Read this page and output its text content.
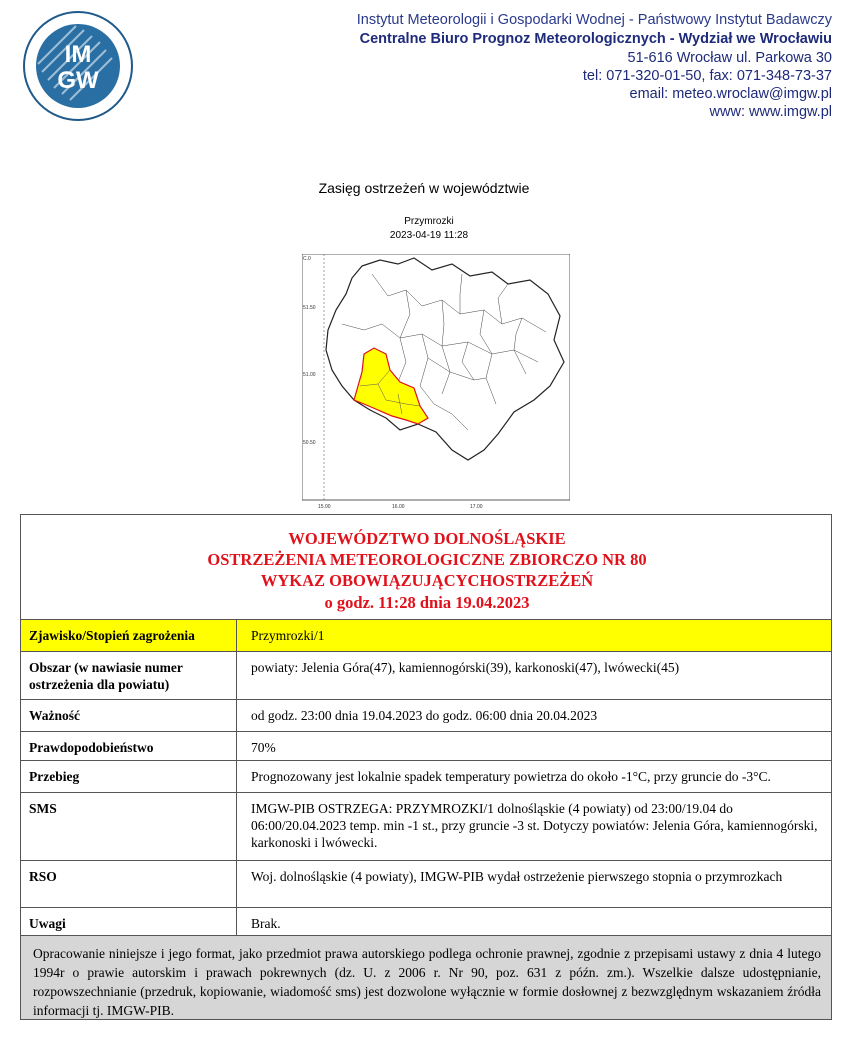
IM
GW
Instytut Meteorologii i Gospodarki Wodnej - Państwowy Instytut Badawczy
Centralne Biuro Prognoz Meteorologicznych - Wydział we Wrocławiu
51-616 Wrocław ul. Parkowa 30
tel: 071-320-01-50, fax: 071-348-73-37
email: meteo.wroclaw@imgw.pl
www: www.imgw.pl
Zasięg ostrzeżeń w województwie
Przymrozki
2023-04-19 11:28
C.0
51.50
51.00
50.50
15.00	16.00	17.00
WOJEWÓDZTWO DOLNOŚLĄSKIE
OSTRZEŻENIA METEOROLOGICZNE ZBIORCZO NR 80
WYKAZ OBOWIĄZUJĄCYCHOSTRZEŻEŃ
o godz. 11:28 dnia 19.04.2023
Zjawisko/Stopień zagrożenia	Przymrozki/1
Obszar (w nawiasie numer ostrzeżenia dla powiatu)	powiaty: Jelenia Góra(47), kamiennogórski(39), karkonoski(47), lwówecki(45)
Ważność	od godz. 23:00 dnia 19.04.2023 do godz. 06:00 dnia 20.04.2023
Prawdopodobieństwo	70%
Przebieg	Prognozowany jest lokalnie spadek temperatury powietrza do około -1°C, przy gruncie do -3°C.
SMS	IMGW-PIB OSTRZEGA: PRZYMROZKI/1 dolnośląskie (4 powiaty) od 23:00/19.04 do 06:00/20.04.2023 temp. min -1 st., przy gruncie -3 st. Dotyczy powiatów: Jelenia Góra, kamiennogórski, karkonoski i lwówecki.
RSO	Woj. dolnośląskie (4 powiaty), IMGW-PIB wydał ostrzeżenie pierwszego stopnia o przymrozkach
Uwagi	Brak.
Opracowanie niniejsze i jego format, jako przedmiot prawa autorskiego podlega ochronie prawnej, zgodnie z przepisami ustawy z dnia 4 lutego 1994r o prawie autorskim i prawach pokrewnych (dz. U. z 2006 r. Nr 90, poz. 631 z późn. zm.). Wszelkie dalsze udostępnianie, rozpowszechnianie (przedruk, kopiowanie, wiadomość sms) jest dozwolone wyłącznie w formie dosłownej z bezwzględnym wskazaniem źródła informacji tj. IMGW-PIB.
